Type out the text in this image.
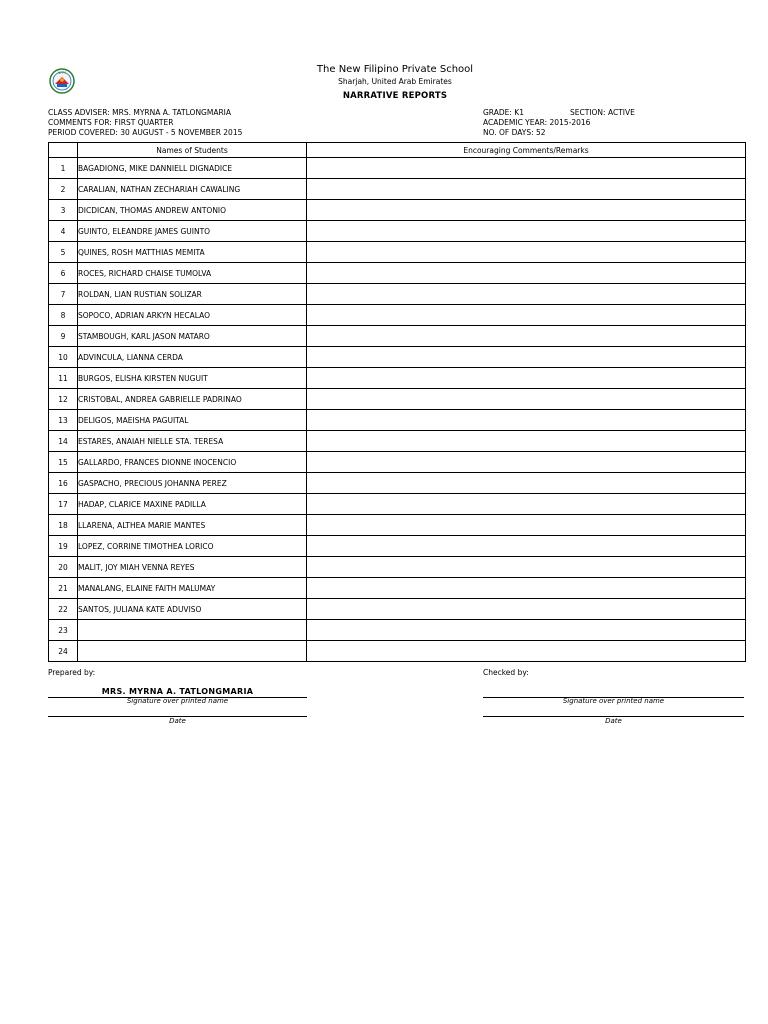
NFPS	The New Filipino Private School
Sharjah, United Arab Emirates
NARRATIVE REPORTS
CLASS ADVISER: MRS. MYRNA A. TATLONGMARIA
COMMENTS FOR: FIRST QUARTER
PERIOD COVERED: 30 AUGUST - 5 NOVEMBER 2015
GRADE: K1	SECTION: ACTIVE
ACADEMIC YEAR: 2015-2016
NO. OF DAYS: 52
	Names of Students	Encouraging Comments/Remarks
1	BAGADIONG, MIKE DANNIELL DIGNADICE	
2	CARALIAN, NATHAN ZECHARIAH CAWALING	
3	DICDICAN, THOMAS ANDREW ANTONIO	
4	GUINTO, ELEANDRE JAMES GUINTO	
5	QUINES, ROSH MATTHIAS MEMITA	
6	ROCES, RICHARD CHAISE TUMOLVA	
7	ROLDAN, LIAN RUSTIAN SOLIZAR	
8	SOPOCO, ADRIAN ARKYN HECALAO	
9	STAMBOUGH, KARL JASON MATARO	
10	ADVINCULA, LIANNA CERDA	
11	BURGOS, ELISHA KIRSTEN NUGUIT	
12	CRISTOBAL, ANDREA GABRIELLE PADRINAO	
13	DELIGOS, MAEISHA PAGUITAL	
14	ESTARES, ANAIAH NIELLE STA. TERESA	
15	GALLARDO, FRANCES DIONNE INOCENCIO	
16	GASPACHO, PRECIOUS JOHANNA PEREZ	
17	HADAP, CLARICE MAXINE PADILLA	
18	LLARENA, ALTHEA MARIE MANTES	
19	LOPEZ, CORRINE TIMOTHEA LORICO	
20	MALIT, JOY MIAH VENNA REYES	
21	MANALANG, ELAINE FAITH MALUMAY	
22	SANTOS, JULIANA KATE ADUVISO	
23		
24		
Prepared by:	Checked by:
MRS. MYRNA A. TATLONGMARIA
Signature over printed name
Date
Signature over printed name
Date
